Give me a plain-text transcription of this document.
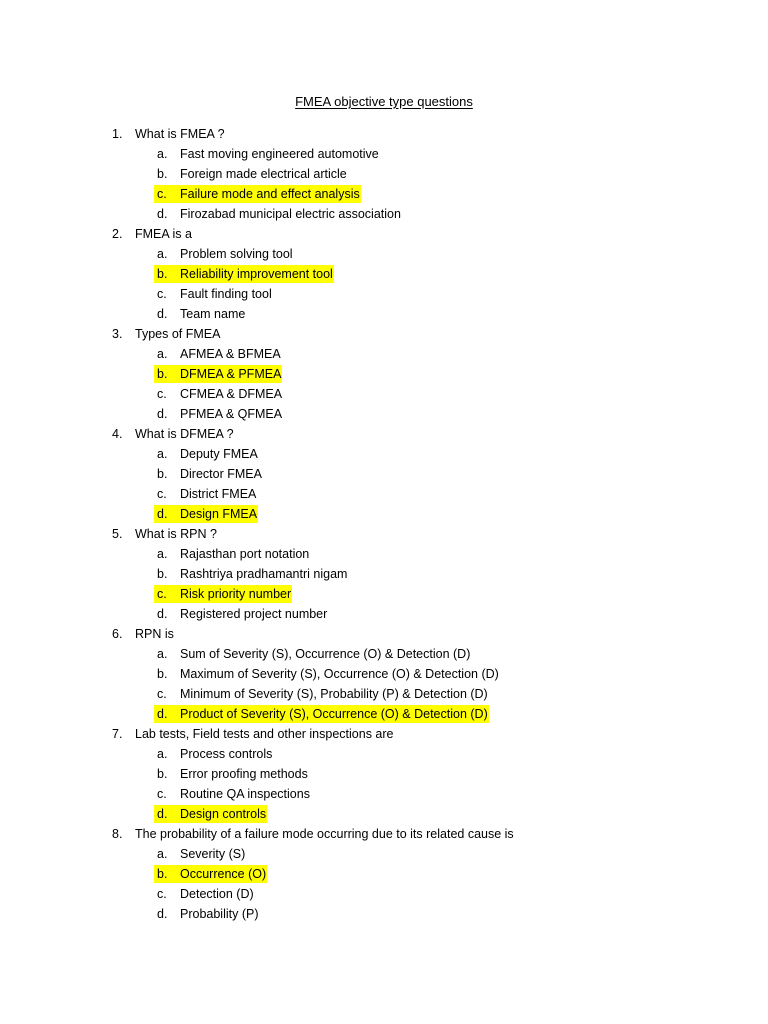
FMEA objective type questions
1.	What is FMEA ?
a.	Fast moving engineered automotive
b.	Foreign made electrical article
c.	Failure mode and effect analysis
d.	Firozabad municipal electric association
2.	FMEA is a
a.	Problem solving tool
b.	Reliability improvement tool
c.	Fault finding tool
d.	Team name
3.	Types of FMEA
a.	AFMEA & BFMEA
b.	DFMEA & PFMEA
c.	CFMEA & DFMEA
d.	PFMEA & QFMEA
4.	What is DFMEA ?
a.	Deputy FMEA
b.	Director FMEA
c.	District FMEA
d.	Design FMEA
5.	What is RPN ?
a.	Rajasthan port notation
b.	Rashtriya pradhamantri nigam
c.	Risk priority number
d.	Registered project number
6.	RPN is
a.	Sum of Severity (S), Occurrence (O) & Detection (D)
b.	Maximum of Severity (S), Occurrence (O) & Detection (D)
c.	Minimum of Severity (S), Probability (P) & Detection (D)
d.	Product of Severity (S), Occurrence (O) & Detection (D)
7.	Lab tests, Field tests and other inspections are
a.	Process controls
b.	Error proofing methods
c.	Routine QA inspections
d.	Design controls
8.	The probability of a failure mode occurring due to its related cause is
a.	Severity (S)
b.	Occurrence (O)
c.	Detection (D)
d.	Probability (P)
